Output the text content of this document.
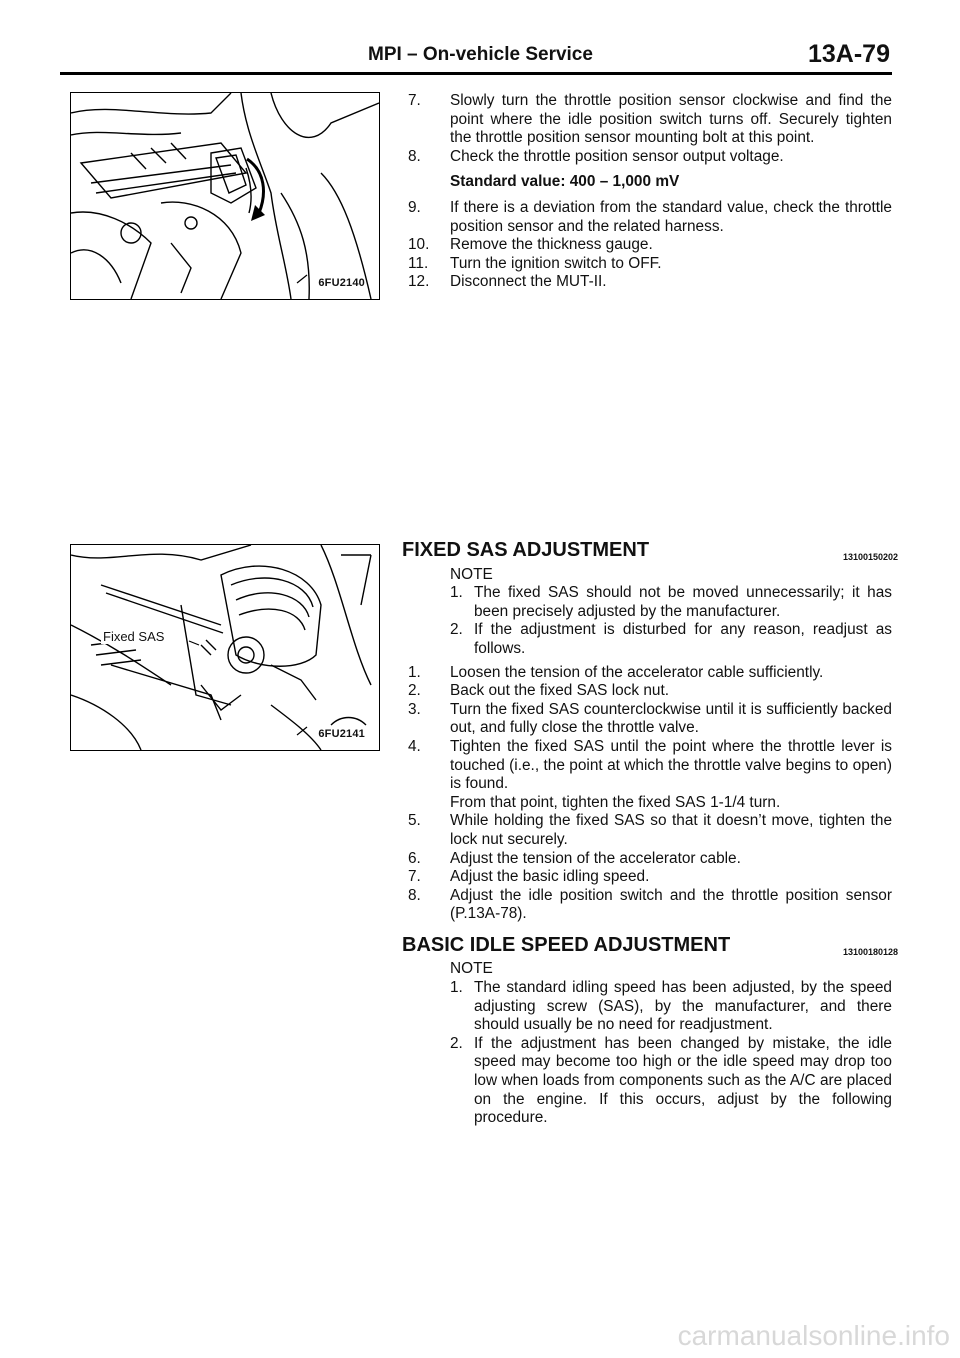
MPI – On-vehicle Service	13A-79
6FU2140
7. Slowly turn the throttle position sensor clockwise and find the point where the idle position switch turns off. Securely tighten the throttle position sensor mounting bolt at this point.
8. Check the throttle position sensor output voltage.
Standard value: 400 – 1,000 mV
9. If there is a deviation from the standard value, check the throttle position sensor and the related harness.
10. Remove the thickness gauge.
11. Turn the ignition switch to OFF.
12. Disconnect the MUT-II.
Fixed SAS
6FU2141
FIXED SAS ADJUSTMENT	13100150202
NOTE
1. The fixed SAS should not be moved unnecessarily; it has been precisely adjusted by the manufacturer.
2. If the adjustment is disturbed for any reason, readjust as follows.
1. Loosen the tension of the accelerator cable sufficiently.
2. Back out the fixed SAS lock nut.
3. Turn the fixed SAS counterclockwise until it is sufficiently backed out, and fully close the throttle valve.
4. Tighten the fixed SAS until the point where the throttle lever is touched (i.e., the point at which the throttle valve begins to open) is found.
From that point, tighten the fixed SAS 1-1/4 turn.
5. While holding the fixed SAS so that it doesn’t move, tighten the lock nut securely.
6. Adjust the tension of the accelerator cable.
7. Adjust the basic idling speed.
8. Adjust the idle position switch and the throttle position sensor (P.13A-78).
BASIC IDLE SPEED ADJUSTMENT	13100180128
NOTE
1. The standard idling speed has been adjusted, by the speed adjusting screw (SAS), by the manufacturer, and there should usually be no need for readjustment.
2. If the adjustment has been changed by mistake, the idle speed may become too high or the idle speed may drop too low when loads from components such as the A/C are placed on the engine. If this occurs, adjust by the following procedure.
carmanualsonline.info
